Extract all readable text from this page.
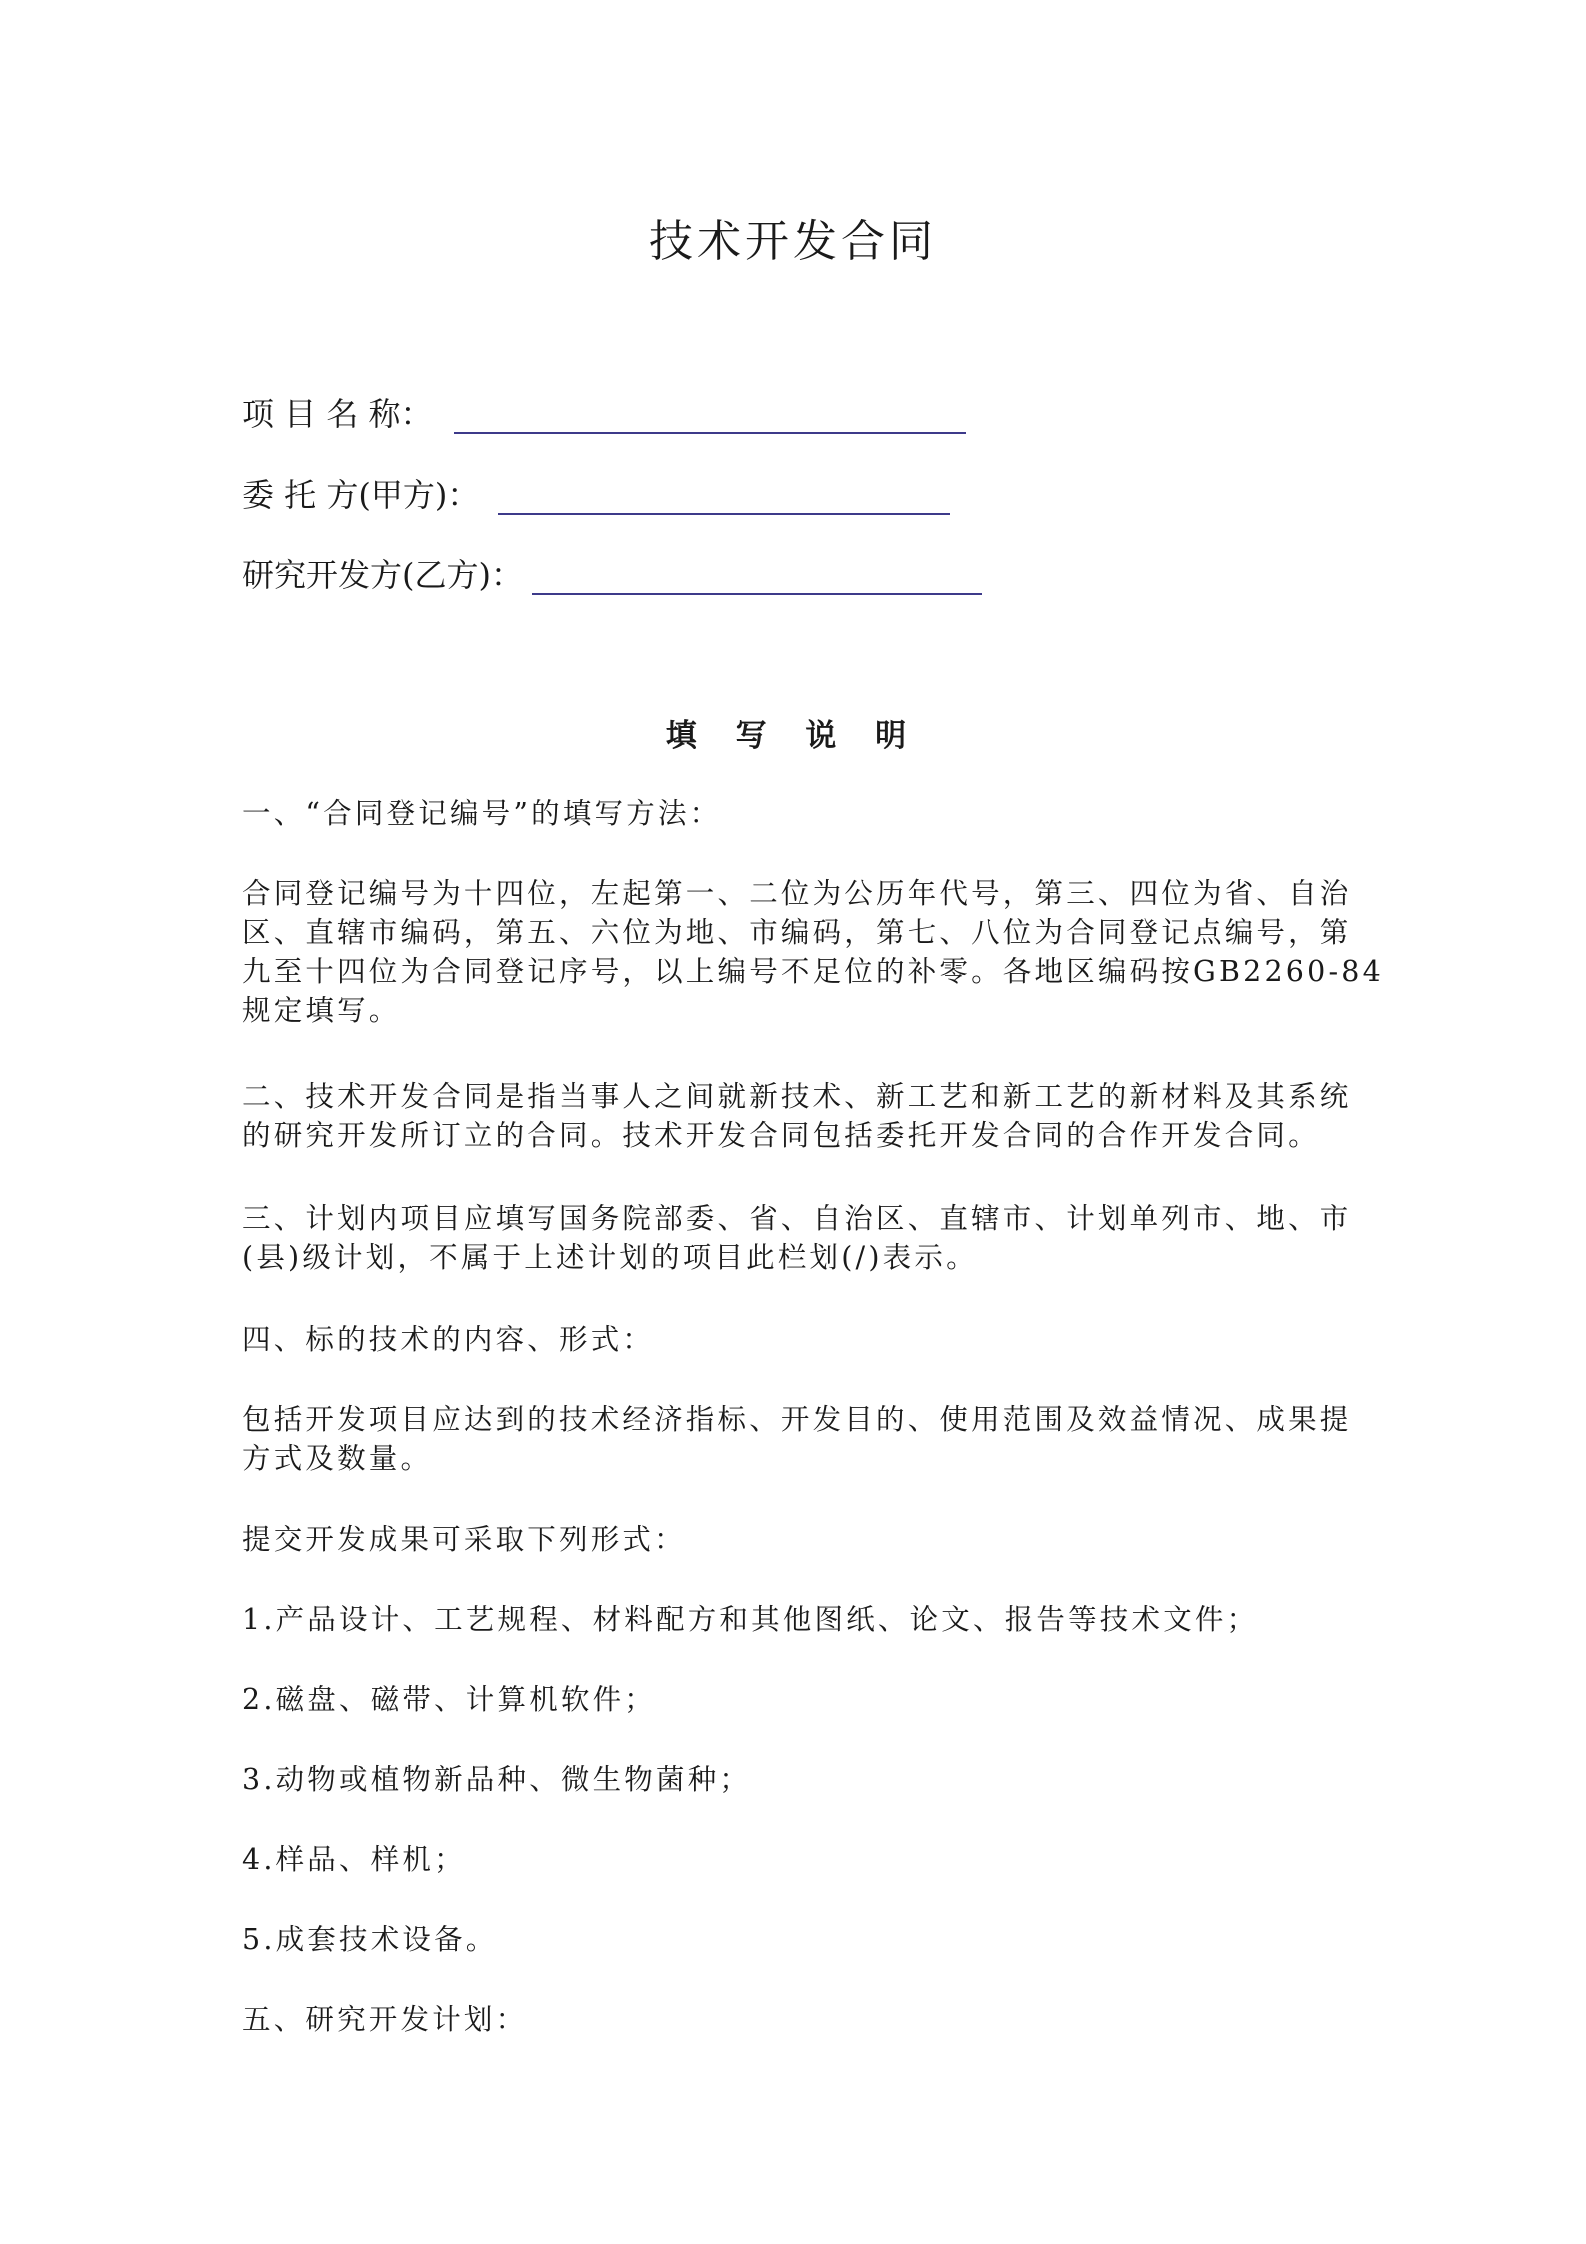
技术开发合同
项 目 名 称：
委 托 方(甲方)：
研究开发方(乙方)：
填 写 说 明
一、“合同登记编号”的填写方法：
合同登记编号为十四位，左起第一、二位为公历年代号，第三、四位为省、自治
区、直辖市编码，第五、六位为地、市编码，第七、八位为合同登记点编号，第
九至十四位为合同登记序号，以上编号不足位的补零。各地区编码按GB2260-84
规定填写。
二、技术开发合同是指当事人之间就新技术、新工艺和新工艺的新材料及其系统
的研究开发所订立的合同。技术开发合同包括委托开发合同的合作开发合同。
三、计划内项目应填写国务院部委、省、自治区、直辖市、计划单列市、地、市
(县)级计划，不属于上述计划的项目此栏划(/)表示。
四、标的技术的内容、形式：
包括开发项目应达到的技术经济指标、开发目的、使用范围及效益情况、成果提
方式及数量。
提交开发成果可采取下列形式：
1.产品设计、工艺规程、材料配方和其他图纸、论文、报告等技术文件；
2.磁盘、磁带、计算机软件；
3.动物或植物新品种、微生物菌种；
4.样品、样机；
5.成套技术设备。
五、研究开发计划：
